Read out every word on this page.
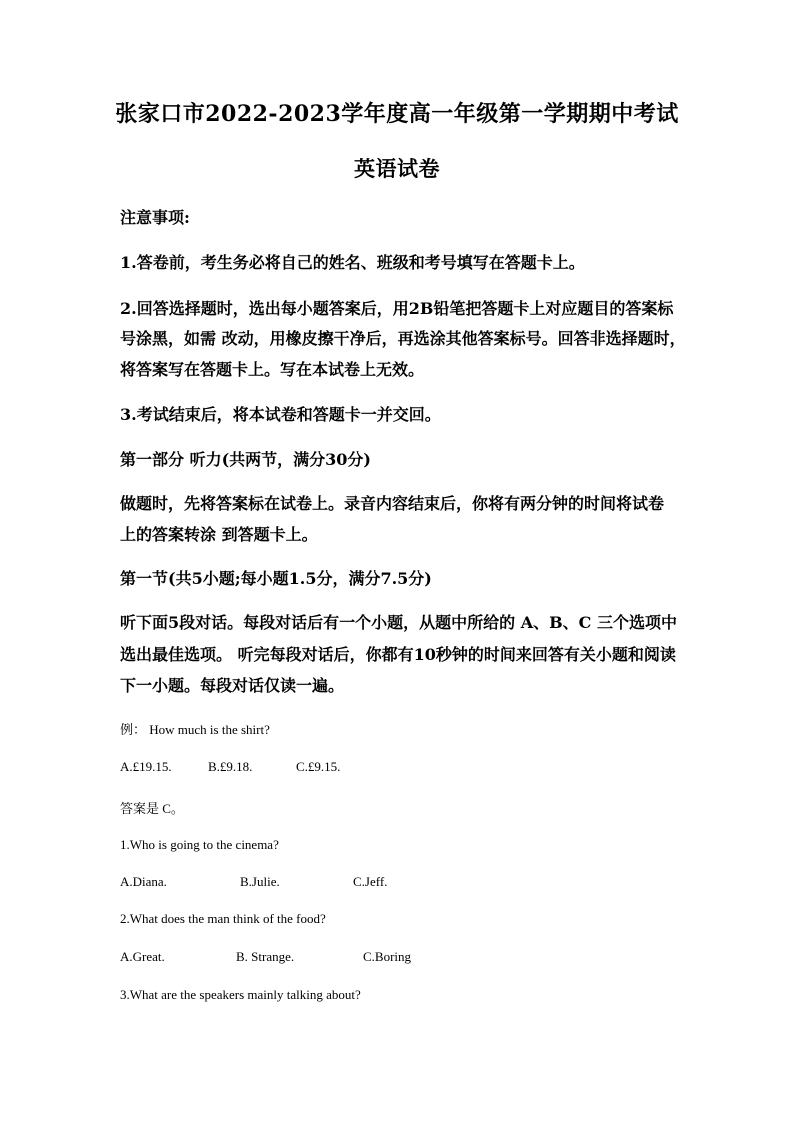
张家口市2022-2023学年度高一年级第一学期期中考试
英语试卷
注意事项:
1.答卷前，考生务必将自己的姓名、班级和考号填写在答题卡上。
2.回答选择题时，选出每小题答案后，用2B铅笔把答题卡上对应题目的答案标
号涂黑，如需 改动，用橡皮擦干净后，再选涂其他答案标号。回答非选择题时，
将答案写在答题卡上。写在本试卷上无效。
3.考试结束后，将本试卷和答题卡一并交回。
第一部分 听力(共两节，满分30分)
做题时，先将答案标在试卷上。录音内容结束后，你将有两分钟的时间将试卷
上的答案转涂 到答题卡上。
第一节(共5小题;每小题1.5分，满分7.5分)
听下面5段对话。每段对话后有一个小题，从题中所给的 A、B、C 三个选项中
选出最佳选项。 听完每段对话后，你都有10秒钟的时间来回答有关小题和阅读
下一小题。每段对话仅读一遍。
例： How much is the shirt?
A.£19.15.	B.£9.18.	C.£9.15.
答案是 C。
1.Who is going to the cinema?
A.Diana.	B.Julie.	C.Jeff.
2.What does the man think of the food?
A.Great.	B. Strange.	C.Boring
3.What are the speakers mainly talking about?
